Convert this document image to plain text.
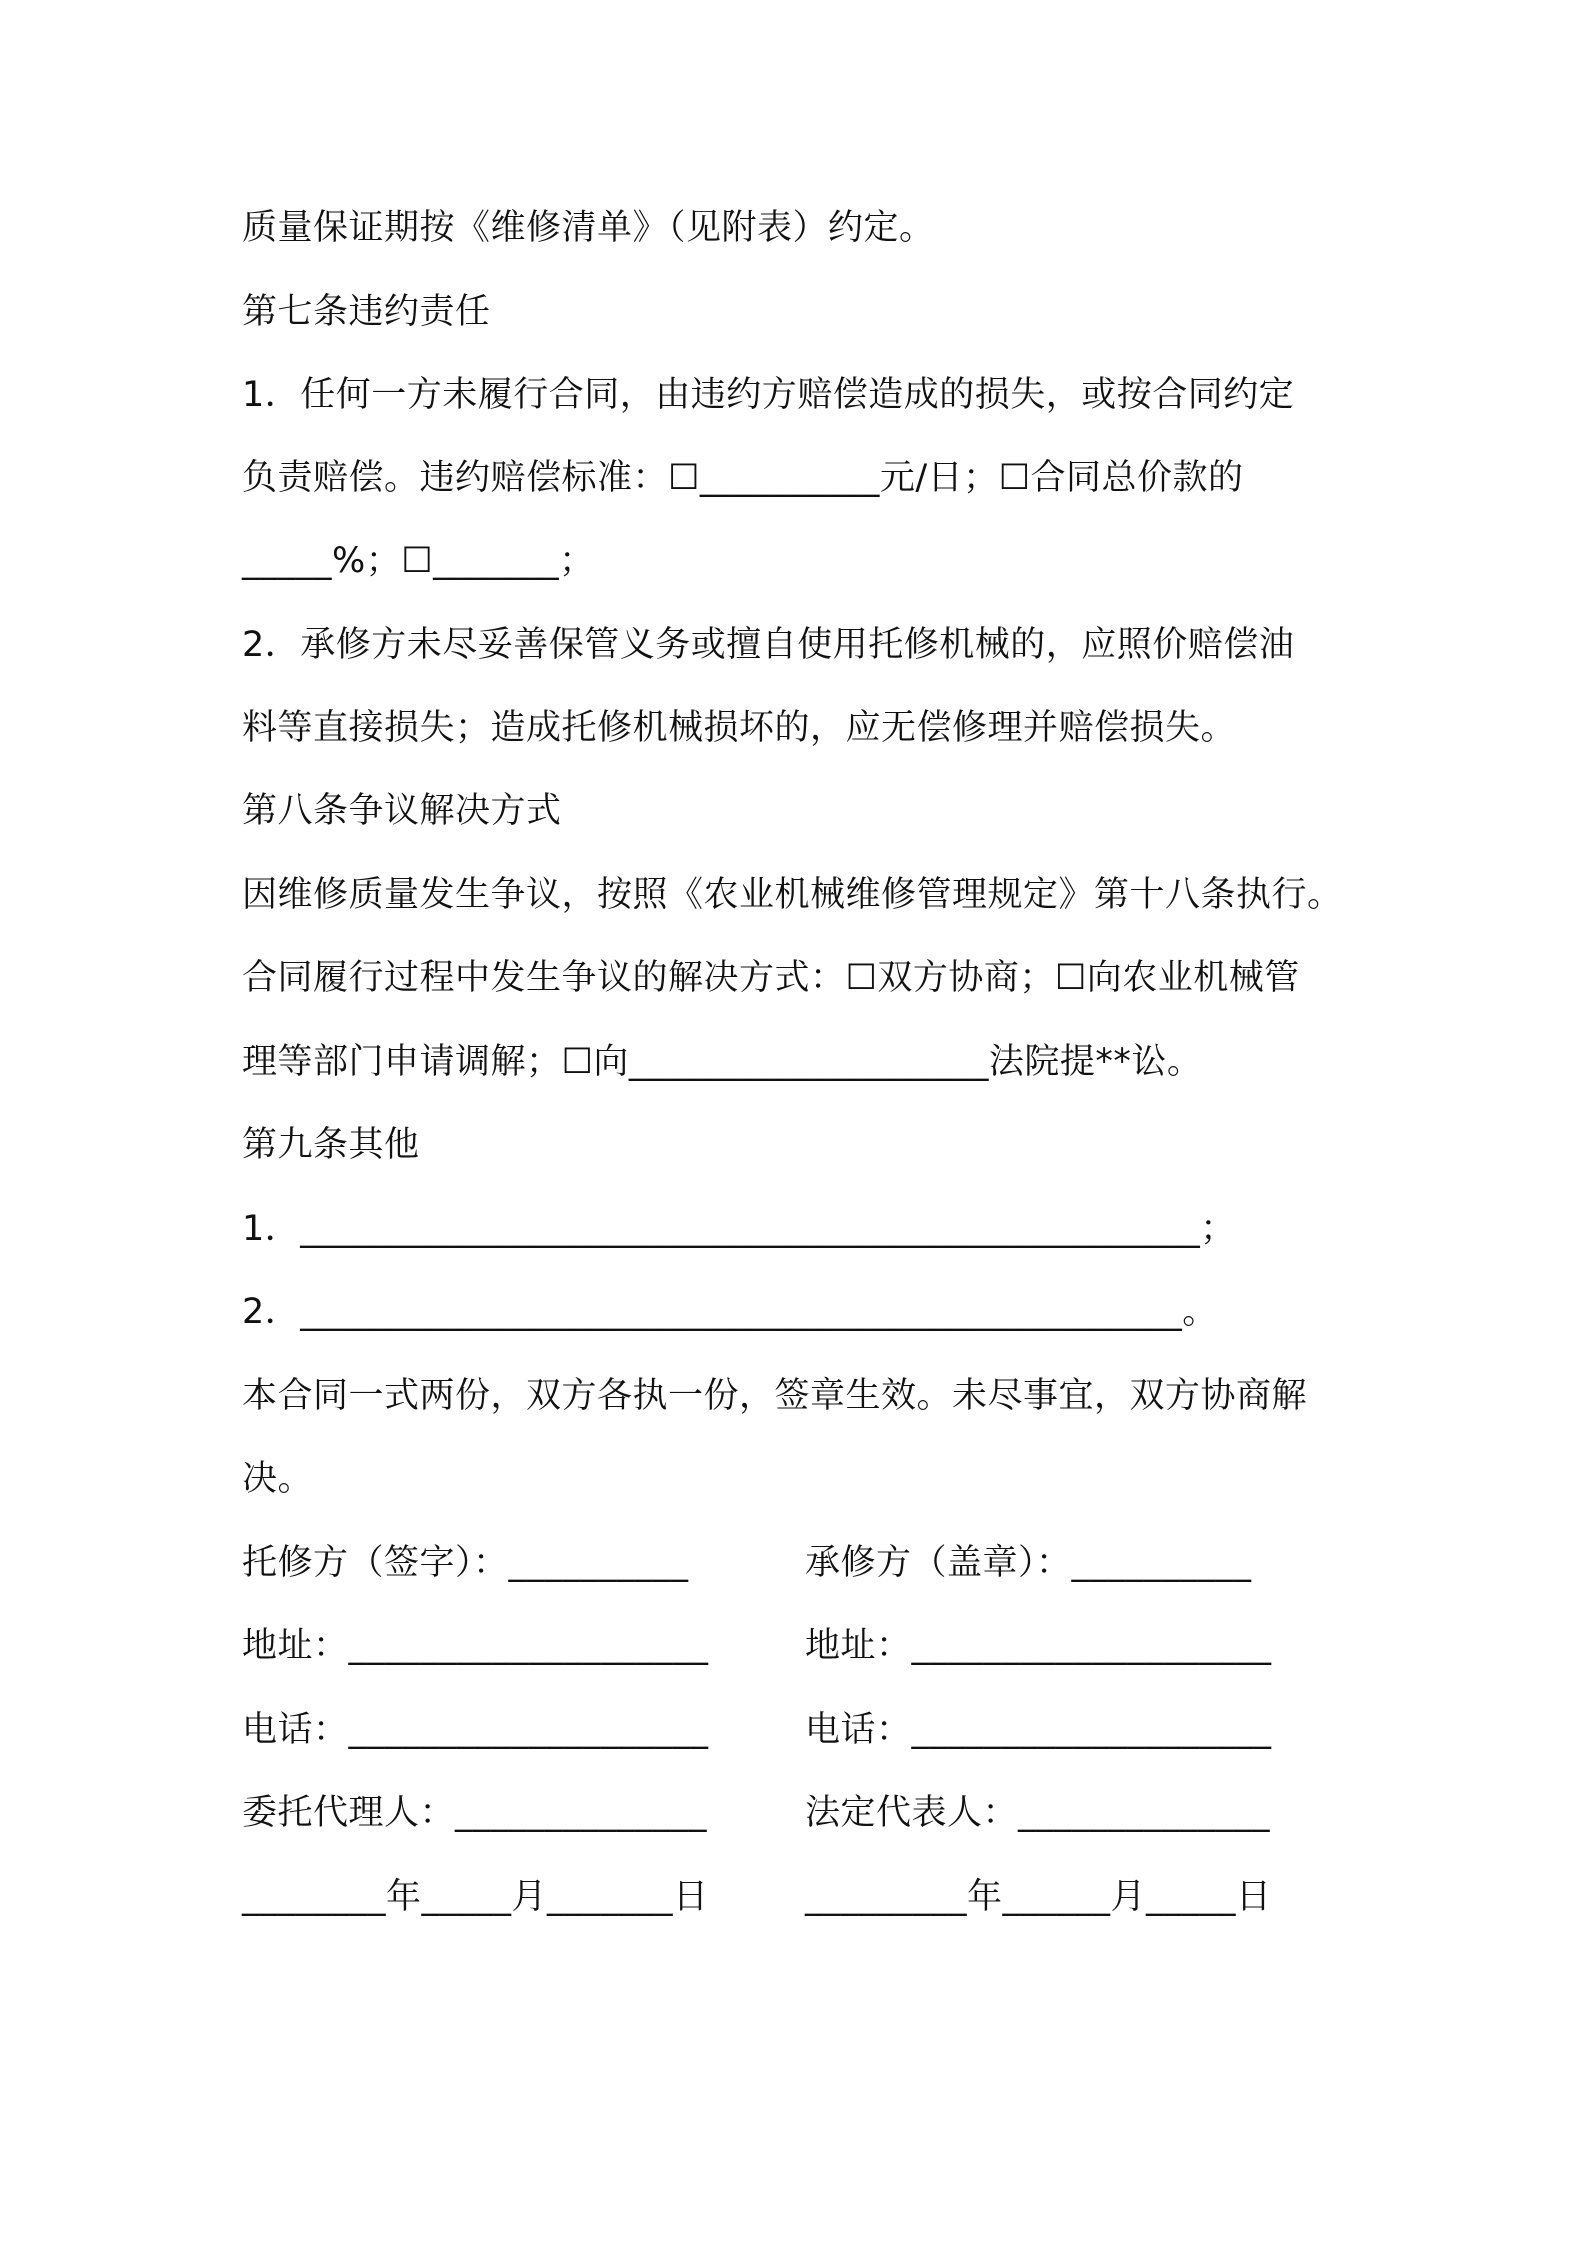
质量保证期按《维修清单》（见附表）约定。
第七条违约责任
1．任何一方未履行合同，由违约方赔偿造成的损失，或按合同约定
负责赔偿。违约赔偿标准：☐__________元/日；☐合同总价款的
_____%；☐_______；
2．承修方未尽妥善保管义务或擅自使用托修机械的，应照价赔偿油
料等直接损失；造成托修机械损坏的，应无偿修理并赔偿损失。
第八条争议解决方式
因维修质量发生争议，按照《农业机械维修管理规定》第十八条执行。
合同履行过程中发生争议的解决方式：☐双方协商；☐向农业机械管
理等部门申请调解；☐向____________________法院提**讼。
第九条其他
1．__________________________________________________；
2．_________________________________________________。
本合同一式两份，双方各执一份，签章生效。未尽事宜，双方协商解
决。
托修方（签字）：__________	承修方（盖章）：__________
地址：____________________	地址：____________________
电话：____________________	电话：____________________
委托代理人：______________	法定代表人：______________
________年_____月_______日	_________年______月_____日
